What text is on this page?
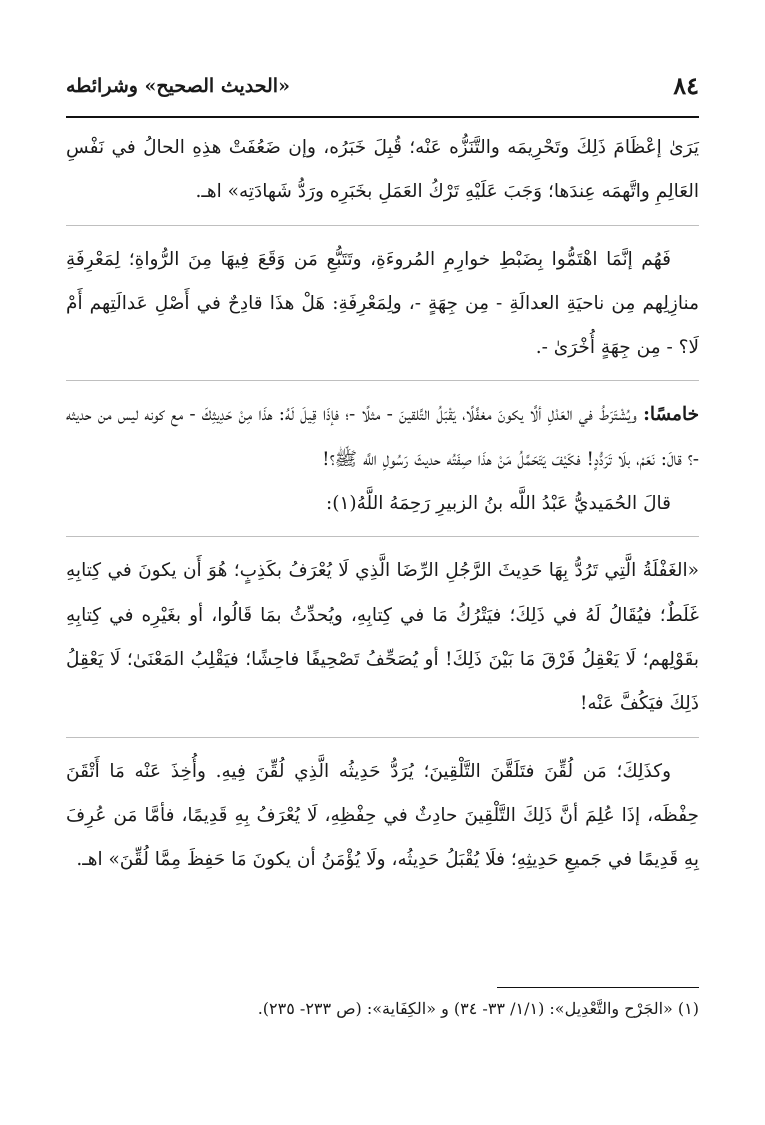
٨٤
«الحديث الصحيح» وشرائطه

يَرَىٰ إعْظَامَ ذَلِكَ وتَحْرِيمَه والتَّنَزُّه عَنْه؛ قُبِلَ خَبَرُه، وإن ضَعُفَتْ هذِهِ الحالُ في نَفْسِ العَالِمِ واتَّهمَه عِندَها؛ وَجَبَ عَلَيْهِ تَرْكُ العَمَلِ بخَبَرِه ورَدُّ شَهادَتِه» اهـ.

فَهُم إنَّمَا اهْتَمُّوا بِضَبْطِ خوارِمِ المُروءَةِ، وتَتَبُّعِ مَن وَقَعَ فِيهَا مِنَ الرُّواةِ؛ لِمَعْرِفَةِ منازِلِهم مِن ناحيَةِ العدالَةِ - مِن جِهَةٍ -، ولِمَعْرِفَةِ: هَلْ هذَا قادِحٌ في أَصْلِ عَدالَتِهم أَمْ لَا؟ - مِن جِهَةٍ أُخْرَىٰ -.

خامسًا: ويُشْتَرَطُ في العَدْلِ ألَّا يكونَ مغفَّلًا، يَقْبَلُ التَّلقينَ - مثلًا -؛ فإذَا قِيلَ لَهُ: هذَا مِنْ حَدِيثِكَ - مع كونه ليس من حديثه -؟ قالَ: نَعَمْ، بلَا تَرَدُّدٍ! فكَيْفَ يَتَحَمَّلُ مَنْ هذَا صِفَتُه حديثَ رَسُولِ اللَّه ﷺ؟!

قالَ الحُمَيديُّ عَبْدُ اللَّه بنُ الزبيرِ رَحِمَهُ اللَّهُ(١):

«الغَفْلَةُ الَّتِي تَرُدُّ بِهَا حَدِيثَ الرَّجُلِ الرِّضَا الَّذِي لَا يُعْرَفُ بكَذِبٍ؛ هُوَ أَن يكونَ في كِتابِهِ غَلَطٌ؛ فيُقَالُ لَهُ في ذَلِكَ؛ فيَتْرُكُ مَا في كِتابِهِ، ويُحدِّثُ بمَا قَالُوا، أو بغَيْرِه في كِتابِهِ بقَوْلِهم؛ لَا يَعْقِلُ فَرْقَ مَا بَيْنَ ذَلِكَ! أو يُصَحِّفُ تَصْحِيفًا فاحِشًا؛ فيَقْلِبُ المَعْنَىٰ؛ لَا يَعْقِلُ ذَلِكَ فيَكُفَّ عَنْه!

وكذَلِكَ؛ مَن لُقِّنَ فتَلَقَّنَ التَّلْقِينَ؛ يُرَدُّ حَدِيثُه الَّذِي لُقِّنَ فِيهِ. وأُخِذَ عَنْه مَا أَتْقَنَ حِفْظَه، إذَا عُلِمَ أنَّ ذَلِكَ التَّلْقِينَ حادِثٌ في حِفْظِهِ، لَا يُعْرَفُ بِهِ قَدِيمًا، فأمَّا مَن عُرِفَ بِهِ قَدِيمًا في جَميعِ حَدِيثِهِ؛ فلَا يُقْبَلُ حَدِيثُه، ولَا يُؤْمَنُ أن يكونَ مَا حَفِظَ مِمَّا لُقِّنَ» اهـ.

(١) «الجَرْح والتَّعْدِيل»: (١/١/ ٣٣- ٣٤) و «الكِفَاية»: (ص ٢٣٣- ٢٣٥).
